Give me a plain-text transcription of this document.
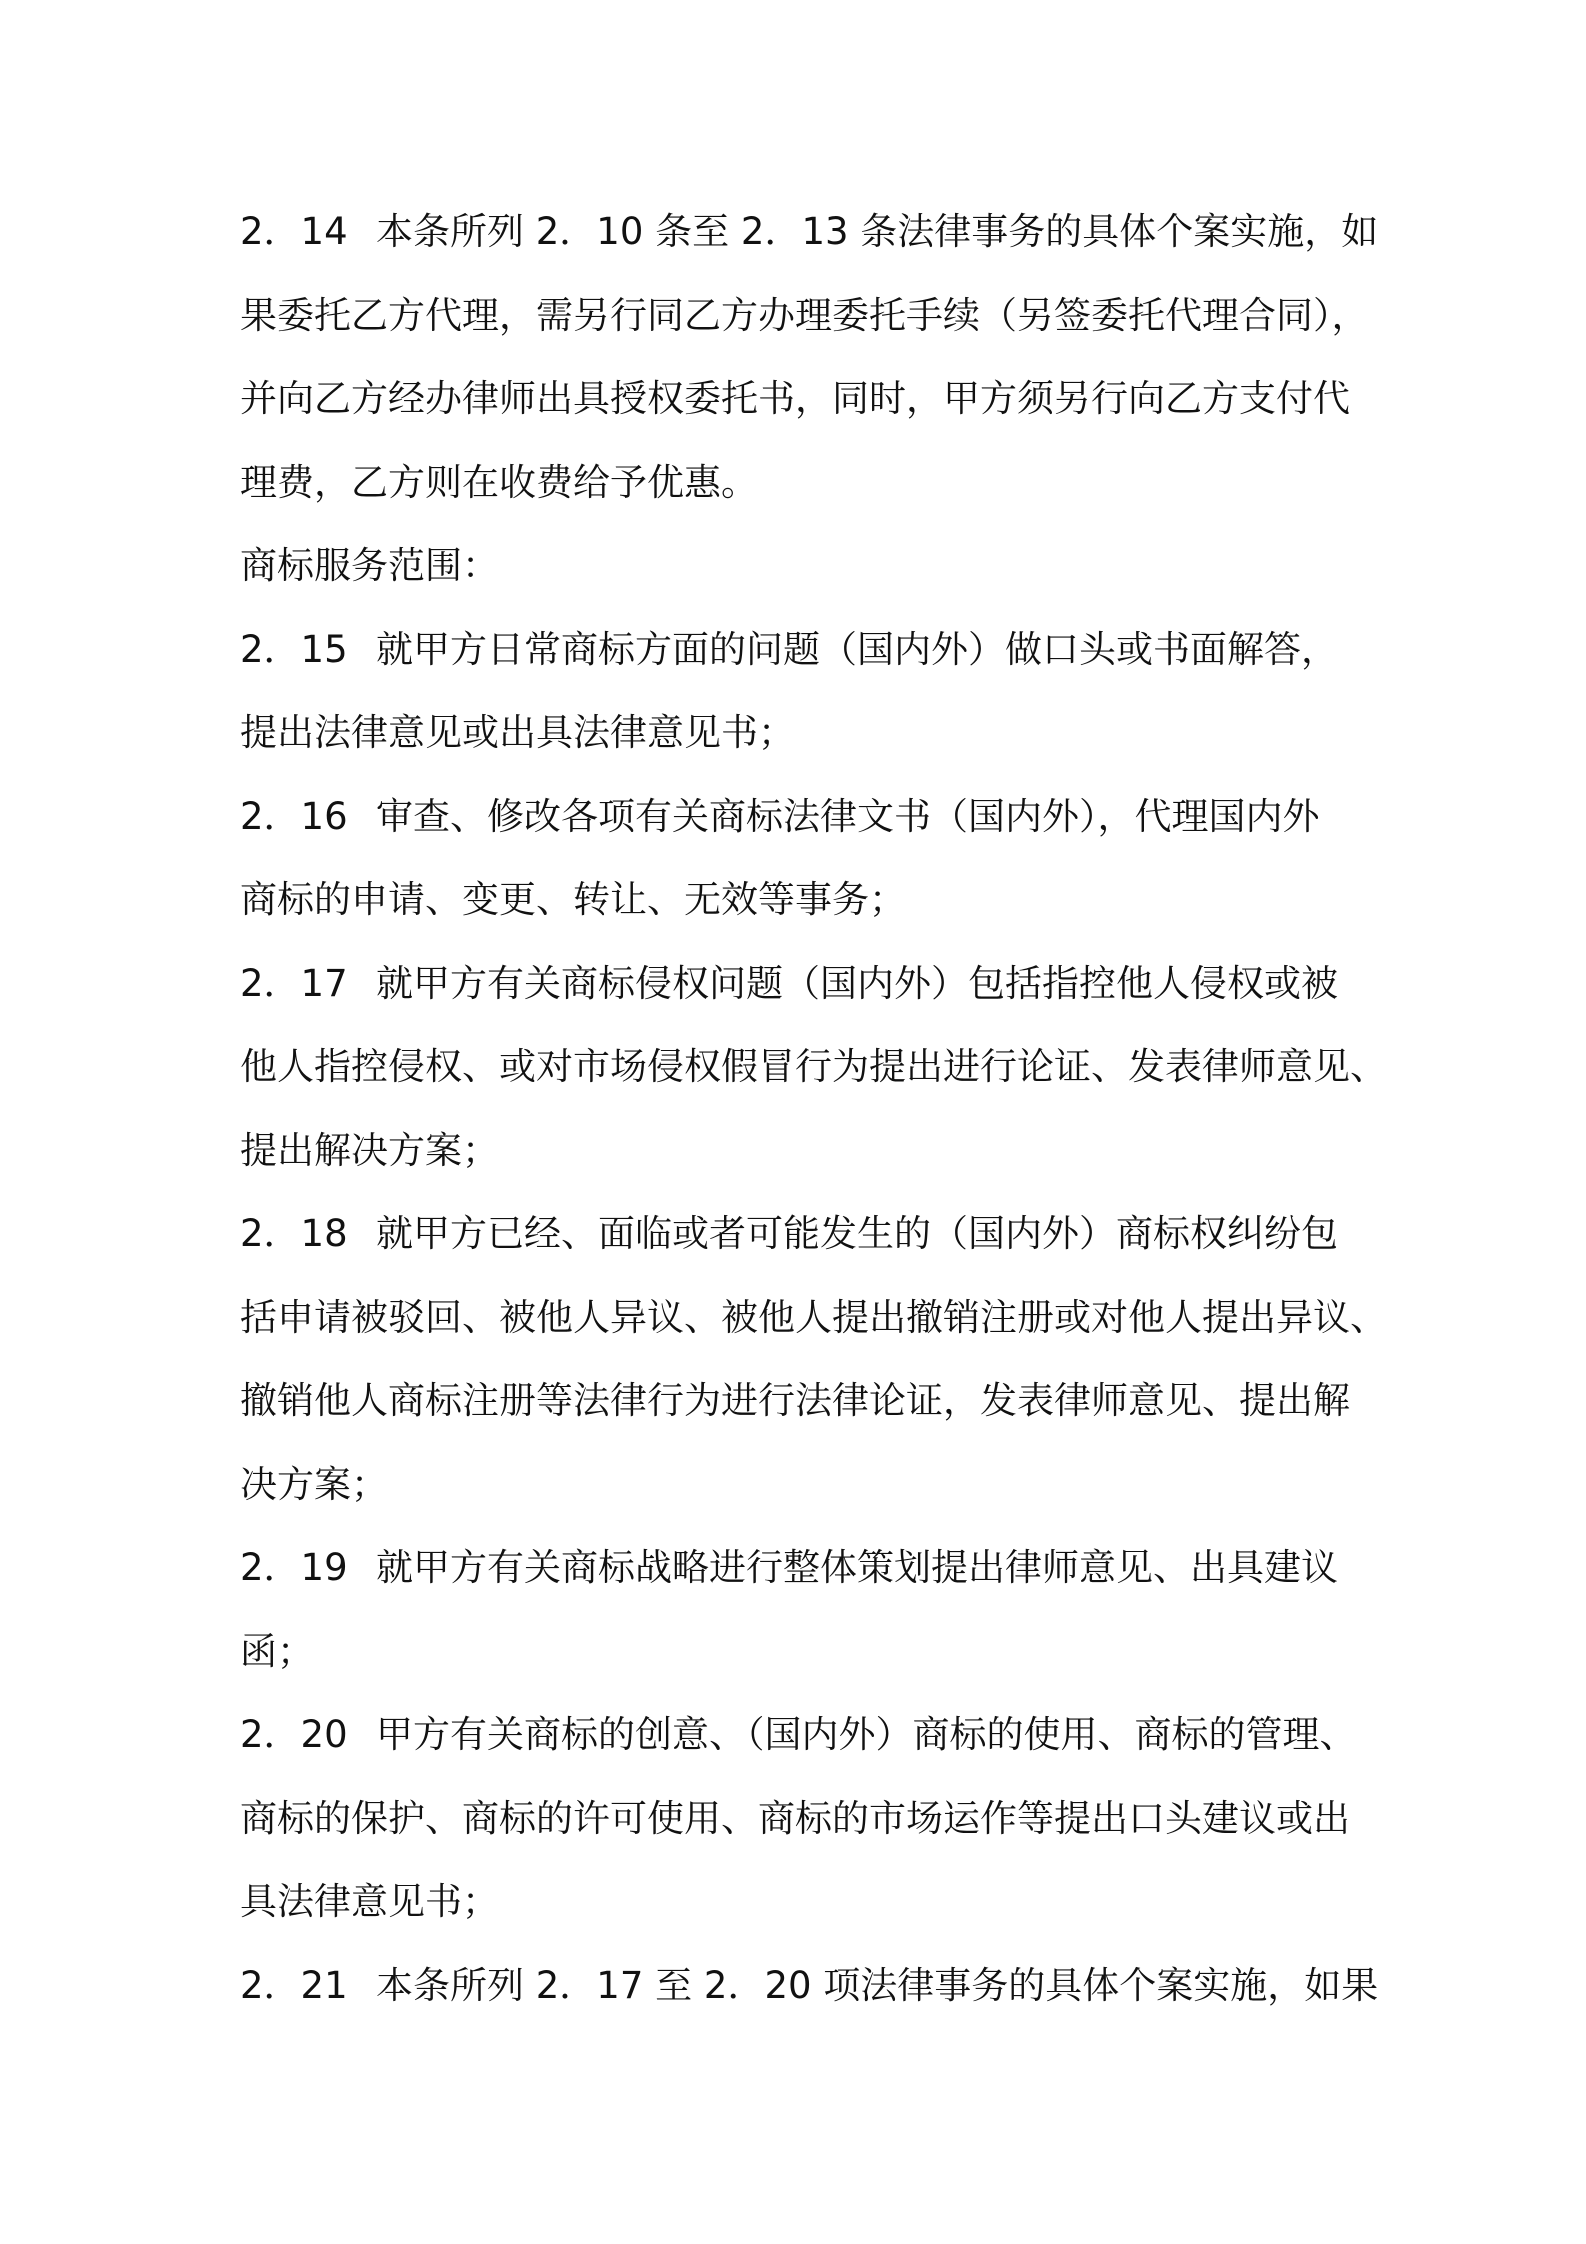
2．14 本条所列 2．10 条至 2．13 条法律事务的具体个案实施，如
果委托乙方代理，需另行同乙方办理委托手续（另签委托代理合同），
并向乙方经办律师出具授权委托书，同时，甲方须另行向乙方支付代
理费，乙方则在收费给予优惠。
商标服务范围：
2．15 就甲方日常商标方面的问题（国内外）做口头或书面解答，
提出法律意见或出具法律意见书；
2．16 审查、修改各项有关商标法律文书（国内外），代理国内外
商标的申请、变更、转让、无效等事务；
2．17 就甲方有关商标侵权问题（国内外）包括指控他人侵权或被
他人指控侵权、或对市场侵权假冒行为提出进行论证、发表律师意见、
提出解决方案；
2．18 就甲方已经、面临或者可能发生的（国内外）商标权纠纷包
括申请被驳回、被他人异议、被他人提出撤销注册或对他人提出异议、
撤销他人商标注册等法律行为进行法律论证，发表律师意见、提出解
决方案；
2．19 就甲方有关商标战略进行整体策划提出律师意见、出具建议
函；
2．20 甲方有关商标的创意、（国内外）商标的使用、商标的管理、
商标的保护、商标的许可使用、商标的市场运作等提出口头建议或出
具法律意见书；
2．21 本条所列 2．17 至 2．20 项法律事务的具体个案实施，如果
